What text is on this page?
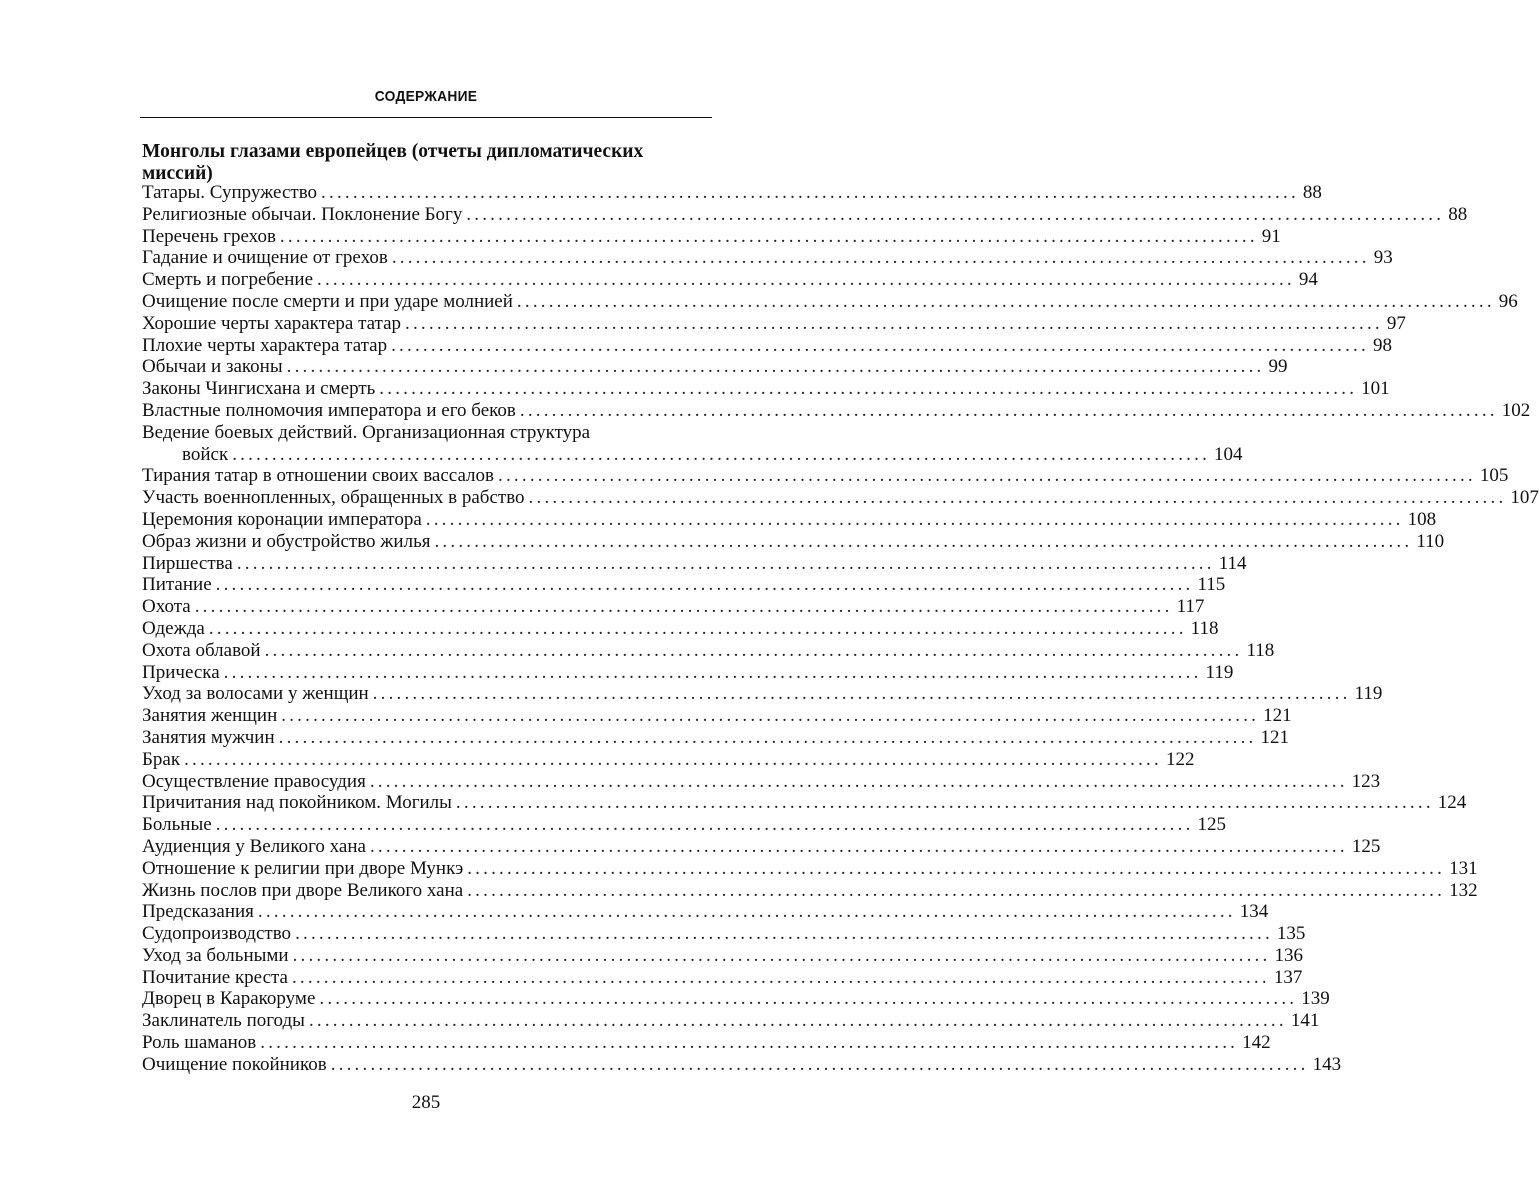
СОДЕРЖАНИЕ
Монголы глазами европейцев (отчеты дипломатических миссий)
Татары. Супружество ........................................................................................................................... 88
Религиозные обычаи. Поклонение Богу ........................................................................................................................... 88
Перечень грехов ........................................................................................................................... 91
Гадание и очищение от грехов ........................................................................................................................... 93
Смерть и погребение ........................................................................................................................... 94
Очищение после смерти и при ударе молнией ........................................................................................................................... 96
Хорошие черты характера татар ........................................................................................................................... 97
Плохие черты характера татар ........................................................................................................................... 98
Обычаи и законы ........................................................................................................................... 99
Законы Чингисхана и смерть ........................................................................................................................... 101
Властные полномочия императора и его беков ........................................................................................................................... 102
Ведение боевых действий. Организационная структура
войск ........................................................................................................................... 104
Тирания татар в отношении своих вассалов ........................................................................................................................... 105
Участь военнопленных, обращенных в рабство ........................................................................................................................... 107
Церемония коронации императора ........................................................................................................................... 108
Образ жизни и обустройство жилья ........................................................................................................................... 110
Пиршества ........................................................................................................................... 114
Питание ........................................................................................................................... 115
Охота ........................................................................................................................... 117
Одежда ........................................................................................................................... 118
Охота облавой ........................................................................................................................... 118
Прическа ........................................................................................................................... 119
Уход за волосами у женщин ........................................................................................................................... 119
Занятия женщин ........................................................................................................................... 121
Занятия мужчин ........................................................................................................................... 121
Брак ........................................................................................................................... 122
Осуществление правосудия ........................................................................................................................... 123
Причитания над покойником. Могилы ........................................................................................................................... 124
Больные ........................................................................................................................... 125
Аудиенция у Великого хана ........................................................................................................................... 125
Отношение к религии при дворе Мункэ ........................................................................................................................... 131
Жизнь послов при дворе Великого хана ........................................................................................................................... 132
Предсказания ........................................................................................................................... 134
Судопроизводство ........................................................................................................................... 135
Уход за больными ........................................................................................................................... 136
Почитание креста ........................................................................................................................... 137
Дворец в Каракоруме ........................................................................................................................... 139
Заклинатель погоды ........................................................................................................................... 141
Роль шаманов ........................................................................................................................... 142
Очищение покойников ........................................................................................................................... 143
285
